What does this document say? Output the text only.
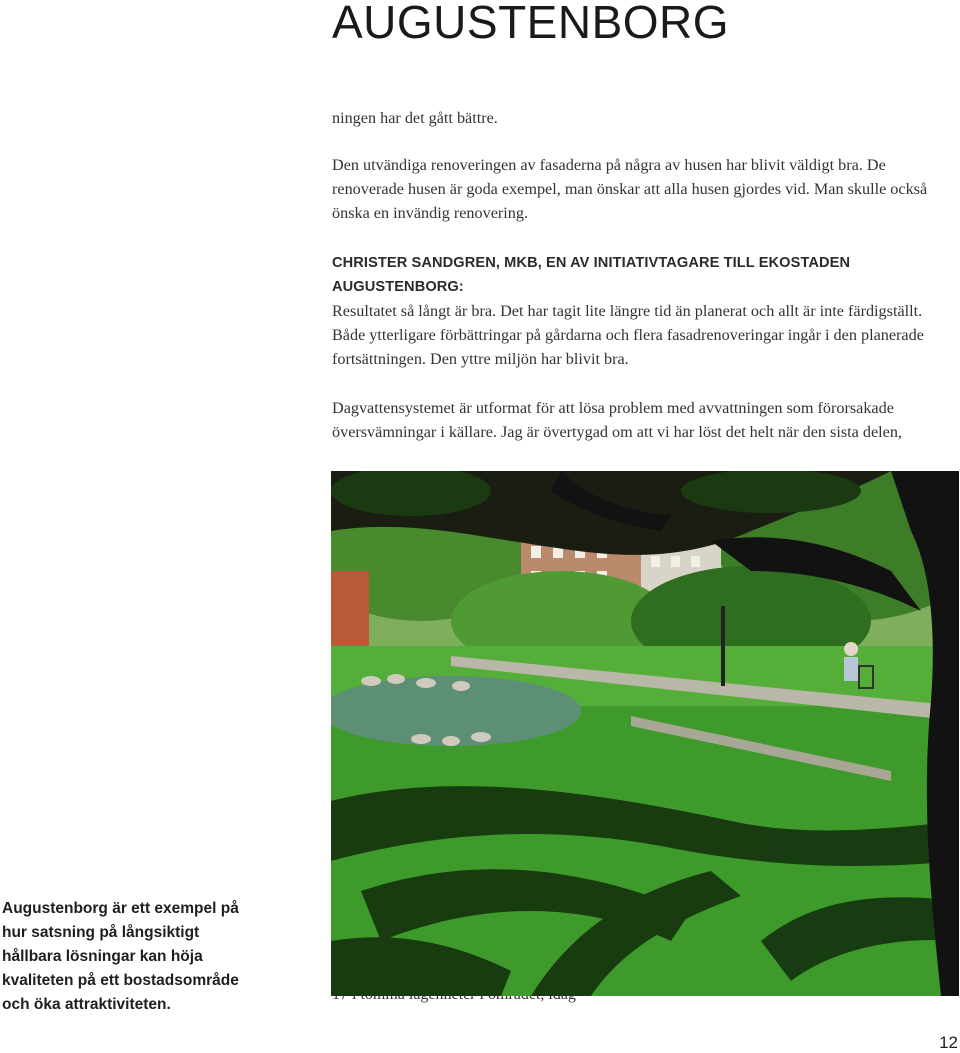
AUGUSTENBORG

ningen har det gått bättre.

Den utvändiga renoveringen av fasaderna på några av husen har blivit väldigt bra. De renoverade husen är goda exempel, man önskar att alla husen gjordes vid. Man skulle också önska en invändig renovering.

CHRISTER SANDGREN, MKB, EN AV INITIATIVTAGARE TILL EKOSTADEN AUGUSTENBORG:

Resultatet så långt är bra. Det har tagit lite längre tid än planerat och allt är inte färdigställt. Både ytterligare förbättringar på gårdarna och flera fasadrenoveringar ingår i den planerade fortsättningen. Den yttre miljön har blivit bra.

Dagvattensystemet är utformat för att lösa problem med avvattningen som förorsakade översvämningar i källare. Jag är övertygad om att vi har löst det helt när den sista delen,

Augustenborg är ett exempel på hur satsning på långsiktigt hållbara lösningar kan höja kvaliteten på ett bostadsområde och öka attraktiviteten.
12
